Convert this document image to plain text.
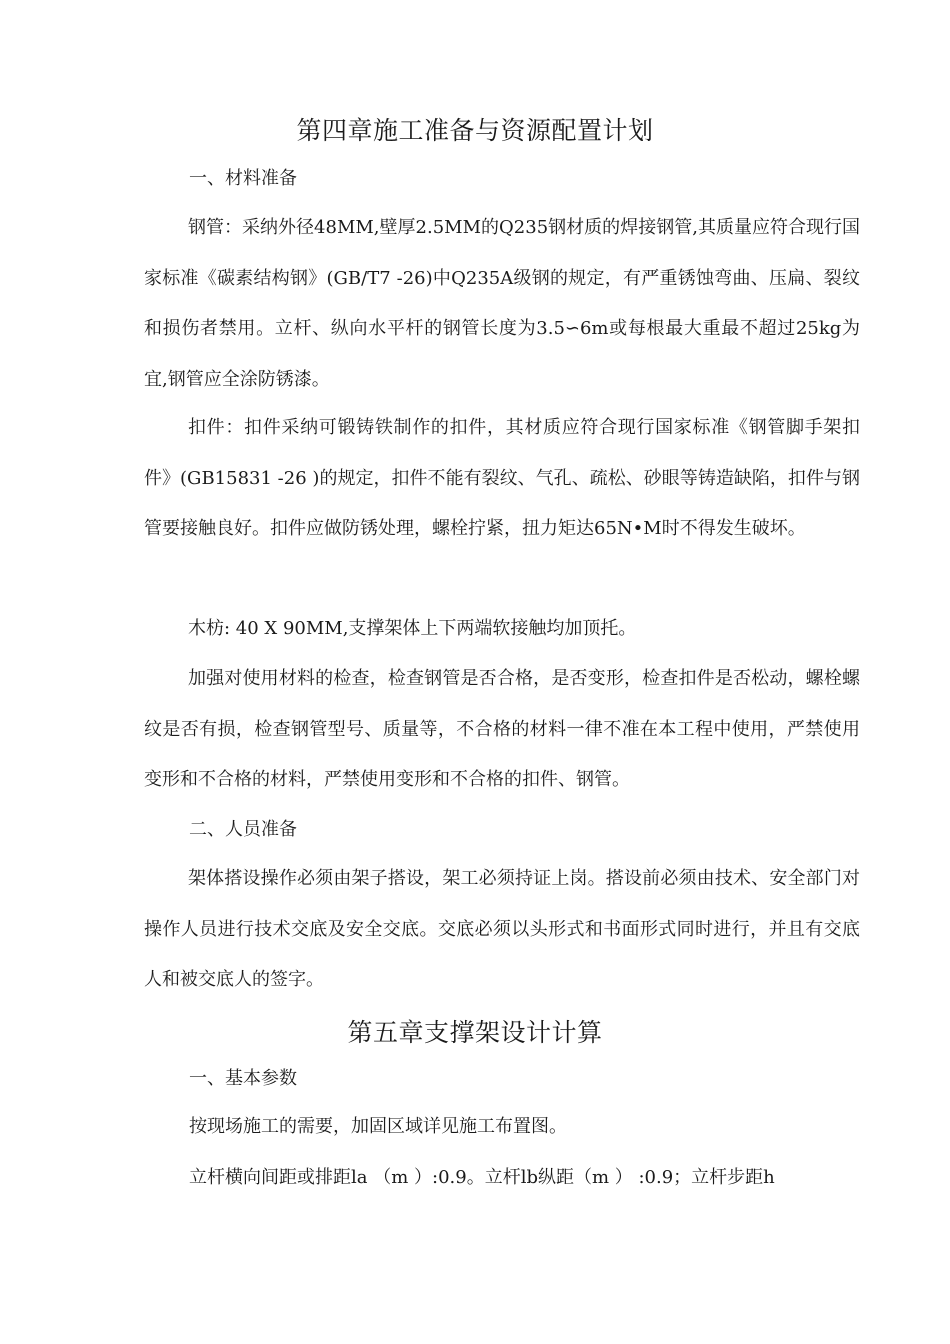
第四章施工准备与资源配置计划
一、材料准备

钢管：采纳外径48MM,壁厚2.5MM的Q235钢材质的焊接钢管,其质量应符合现行国家标准《碳素结构钢》(GB/T7 -26)中Q235A级钢的规定，有严重锈蚀弯曲、压扁、裂纹和损伤者禁用。立杆、纵向水平杆的钢管长度为3.5∽6m或每根最大重最不超过25kg为宜,钢管应全涂防锈漆。

扣件：扣件采纳可锻铸铁制作的扣件，其材质应符合现行国家标准《钢管脚手架扣件》(GB15831 -26 )的规定，扣件不能有裂纹、气孔、疏松、砂眼等铸造缺陷，扣件与钢管要接触良好。扣件应做防锈处理，螺栓拧紧，扭力矩达65N•M时不得发生破坏。

木枋: 40 X 90MM,支撑架体上下两端软接触均加顶托。

加强对使用材料的检查，检查钢管是否合格，是否变形，检查扣件是否松动，螺栓螺纹是否有损，检查钢管型号、质量等，不合格的材料一律不准在本工程中使用，严禁使用变形和不合格的材料，严禁使用变形和不合格的扣件、钢管。

二、人员准备

架体搭设操作必须由架子搭设，架工必须持证上岗。搭设前必须由技术、安全部门对操作人员进行技术交底及安全交底。交底必须以头形式和书面形式同时进行，并且有交底人和被交底人的签字。

第五章支撑架设计计算
一、基本参数

按现场施工的需要，加固区域详见施工布置图。

立杆横向间距或排距la （m ）:0.9。立杆lb纵距（m ） :0.9；立杆步距h
